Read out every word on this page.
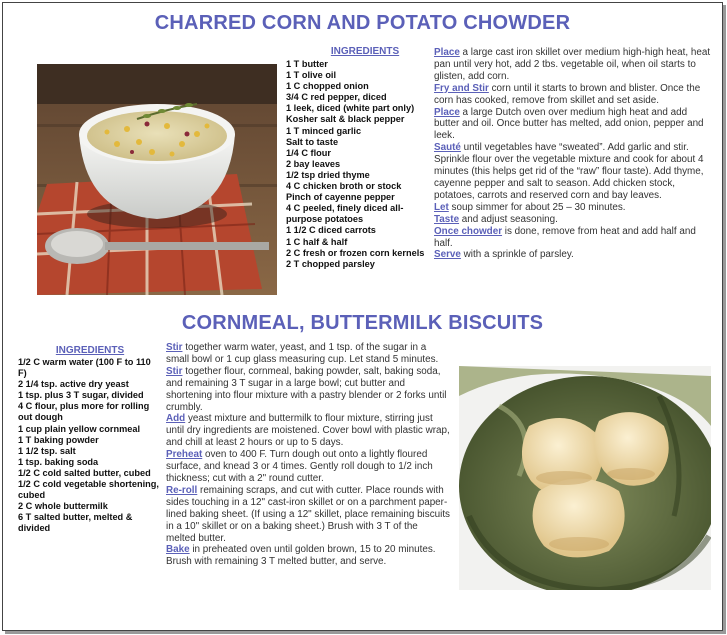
CHARRED CORN AND POTATO CHOWDER
INGREDIENTS
1 T butter
1 T olive oil
1 C chopped onion
3/4 C red pepper, diced
1 leek, diced (white part only)
Kosher salt & black pepper
1 T minced garlic
Salt to taste
1/4 C flour
2 bay leaves
1/2 tsp dried thyme
4 C chicken broth or stock
Pinch of cayenne pepper
4 C peeled, finely diced all-purpose potatoes
1 1/2 C diced carrots
1 C half & half
2 C fresh or frozen corn kernels
2 T chopped parsley

Place a large cast iron skillet over medium high-high heat, heat pan until very hot, add 2 tbs. vegetable oil, when oil starts to glisten, add corn.

Fry and Stir corn until it starts to brown and blister. Once the corn has cooked, remove from skillet and set aside.

Place a large Dutch oven over medium high heat and add butter and oil. Once butter has melted, add onion, pepper and leek.

Sauté until vegetables have “sweated”. Add garlic and stir. Sprinkle flour over the vegetable mixture and cook for about 4 minutes (this helps get rid of the “raw” flour taste). Add thyme, cayenne pepper and salt to season. Add chicken stock, potatoes, carrots and reserved corn and bay leaves.

Let soup simmer for about 25 – 30 minutes.

Taste and adjust seasoning.

Once chowder is done, remove from heat and add half and half.

Serve with a sprinkle of parsley.

CORNMEAL, BUTTERMILK BISCUITS
INGREDIENTS
1/2 C warm water (100 F to 110 F)
2 1/4 tsp. active dry yeast
1 tsp. plus 3 T sugar, divided
4 C flour, plus more for rolling out dough
1 cup plain yellow cornmeal
1 T baking powder
1 1/2 tsp. salt
1 tsp. baking soda
1/2 C cold salted butter, cubed
1/2 C cold vegetable shortening, cubed
2 C whole buttermilk
6 T salted butter, melted & divided

Stir together warm water, yeast, and 1 tsp. of the sugar in a small bowl or 1 cup glass measuring cup. Let stand 5 minutes.

Stir together flour, cornmeal, baking powder, salt, baking soda, and remaining 3 T sugar in a large bowl; cut butter and shortening into flour mixture with a pastry blender or 2 forks until crumbly.

Add yeast mixture and buttermilk to flour mixture, stirring just until dry ingredients are moistened. Cover bowl with plastic wrap, and chill at least 2 hours or up to 5 days.

Preheat oven to 400 F. Turn dough out onto a lightly floured surface, and knead 3 or 4 times. Gently roll dough to 1/2 inch thickness; cut with a 2" round cutter.

Re-roll remaining scraps, and cut with cutter. Place rounds with sides touching in a 12" cast-iron skillet or on a parchment paper-lined baking sheet. (If using a 12" skillet, place remaining biscuits in a 10" skillet or on a baking sheet.) Brush with 3 T of the melted butter.

Bake in preheated oven until golden brown, 15 to 20 minutes. Brush with remaining 3 T melted butter, and serve.
